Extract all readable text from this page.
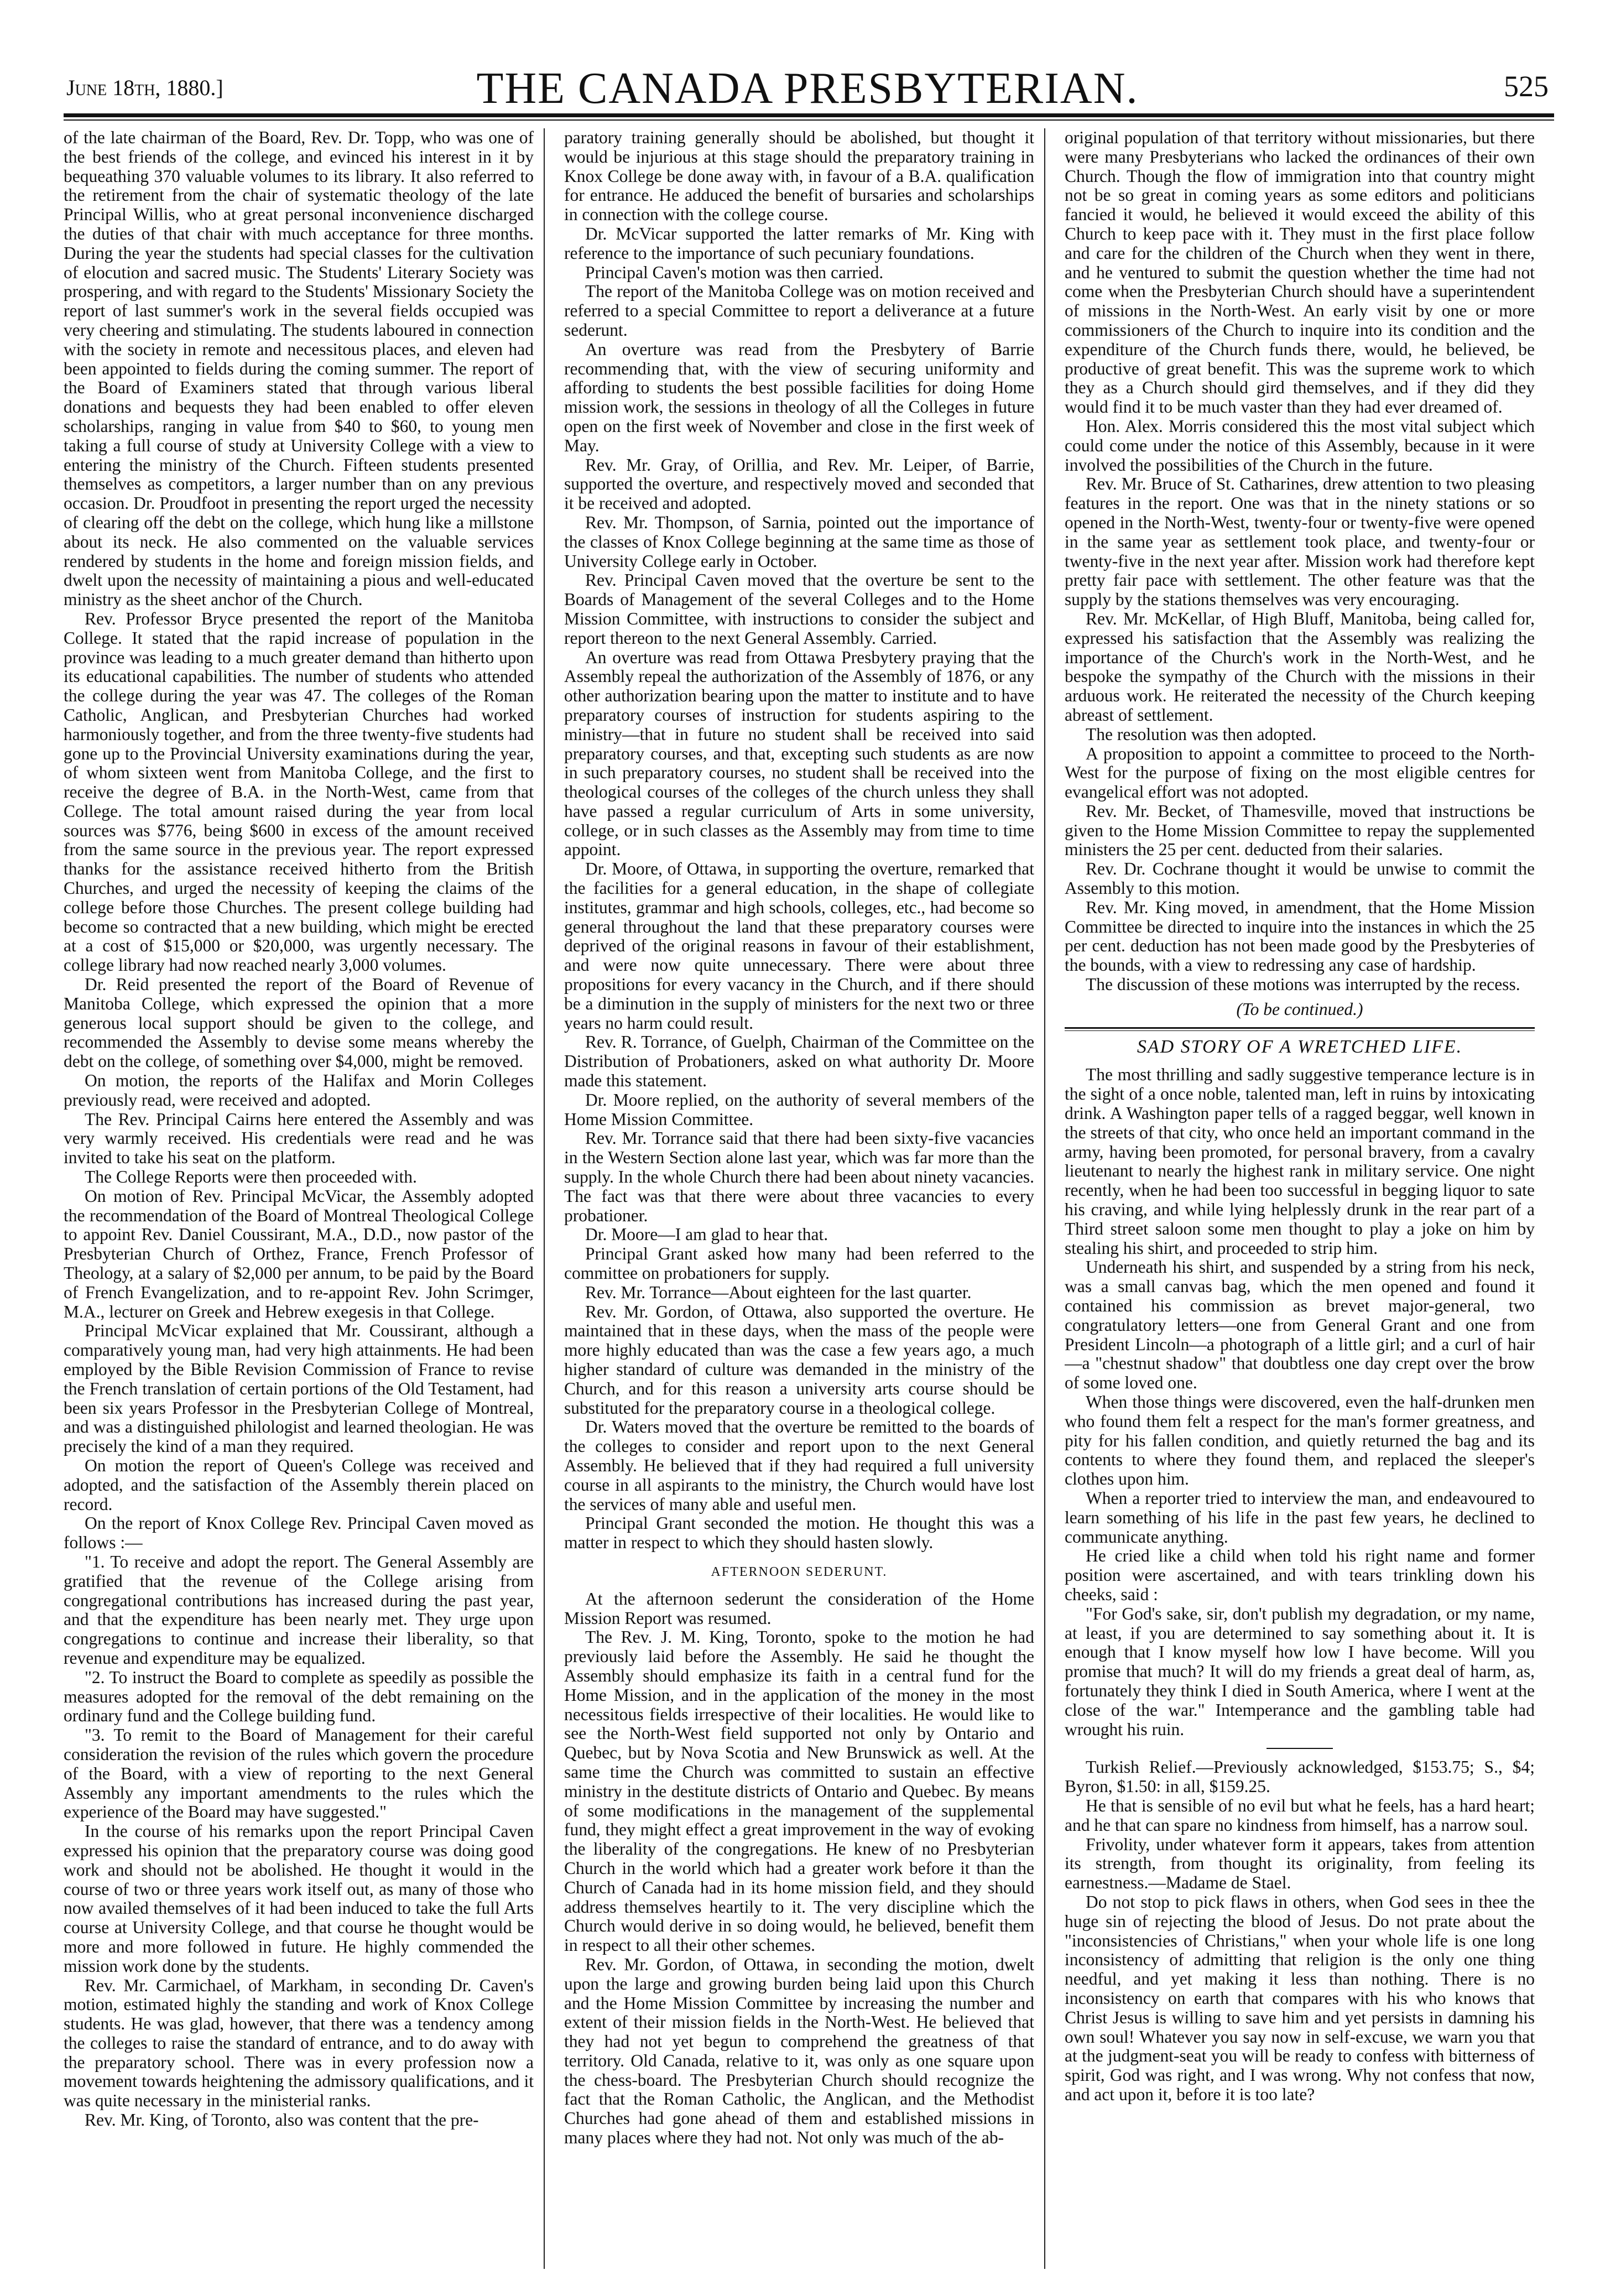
June 18th, 1880.]	THE CANADA PRESBYTERIAN.	525

of the late chairman of the Board, Rev. Dr. Topp, who was one of the best friends of the college, and evinced his interest in it by bequeathing 370 valuable volumes to its library. It also referred to the retirement from the chair of systematic theology of the late Principal Willis, who at great personal inconvenience discharged the duties of that chair with much acceptance for three months. During the year the students had special classes for the cultivation of elocution and sacred music. The Students' Literary Society was prospering, and with regard to the Students' Missionary Society the report of last summer's work in the several fields occupied was very cheering and stimulating. The students laboured in connection with the society in remote and necessitous places, and eleven had been appointed to fields during the coming summer. The report of the Board of Examiners stated that through various liberal donations and bequests they had been enabled to offer eleven scholarships, ranging in value from $40 to $60, to young men taking a full course of study at University College with a view to entering the ministry of the Church. Fifteen students presented themselves as competitors, a larger number than on any previous occasion. Dr. Proudfoot in presenting the report urged the necessity of clearing off the debt on the college, which hung like a millstone about its neck. He also commented on the valuable services rendered by students in the home and foreign mission fields, and dwelt upon the necessity of maintaining a pious and well-educated ministry as the sheet anchor of the Church.

Rev. Professor Bryce presented the report of the Manitoba College. It stated that the rapid increase of population in the province was leading to a much greater demand than hitherto upon its educational capabilities. The number of students who attended the college during the year was 47. The colleges of the Roman Catholic, Anglican, and Presbyterian Churches had worked harmoniously together, and from the three twenty-five students had gone up to the Provincial University examinations during the year, of whom sixteen went from Manitoba College, and the first to receive the degree of B.A. in the North-West, came from that College. The total amount raised during the year from local sources was $776, being $600 in excess of the amount received from the same source in the previous year. The report expressed thanks for the assistance received hitherto from the British Churches, and urged the necessity of keeping the claims of the college before those Churches. The present college building had become so contracted that a new building, which might be erected at a cost of $15,000 or $20,000, was urgently necessary. The college library had now reached nearly 3,000 volumes.

Dr. Reid presented the report of the Board of Revenue of Manitoba College, which expressed the opinion that a more generous local support should be given to the college, and recommended the Assembly to devise some means whereby the debt on the college, of something over $4,000, might be removed.

On motion, the reports of the Halifax and Morin Colleges previously read, were received and adopted.

The Rev. Principal Cairns here entered the Assembly and was very warmly received. His credentials were read and he was invited to take his seat on the platform.

The College Reports were then proceeded with.

On motion of Rev. Principal McVicar, the Assembly adopted the recommendation of the Board of Montreal Theological College to appoint Rev. Daniel Coussirant, M.A., D.D., now pastor of the Presbyterian Church of Orthez, France, French Professor of Theology, at a salary of $2,000 per annum, to be paid by the Board of French Evangelization, and to re-appoint Rev. John Scrimger, M.A., lecturer on Greek and Hebrew exegesis in that College.

Principal McVicar explained that Mr. Coussirant, although a comparatively young man, had very high attainments. He had been employed by the Bible Revision Commission of France to revise the French translation of certain portions of the Old Testament, had been six years Professor in the Presbyterian College of Montreal, and was a distinguished philologist and learned theologian. He was precisely the kind of a man they required.

On motion the report of Queen's College was received and adopted, and the satisfaction of the Assembly therein placed on record.

On the report of Knox College Rev. Principal Caven moved as follows :—

"1. To receive and adopt the report. The General Assembly are gratified that the revenue of the College arising from congregational contributions has increased during the past year, and that the expenditure has been nearly met. They urge upon congregations to continue and increase their liberality, so that revenue and expenditure may be equalized.

"2. To instruct the Board to complete as speedily as possible the measures adopted for the removal of the debt remaining on the ordinary fund and the College building fund.

"3. To remit to the Board of Management for their careful consideration the revision of the rules which govern the procedure of the Board, with a view of reporting to the next General Assembly any important amendments to the rules which the experience of the Board may have suggested."

In the course of his remarks upon the report Principal Caven expressed his opinion that the preparatory course was doing good work and should not be abolished. He thought it would in the course of two or three years work itself out, as many of those who now availed themselves of it had been induced to take the full Arts course at University College, and that course he thought would be more and more followed in future. He highly commended the mission work done by the students.

Rev. Mr. Carmichael, of Markham, in seconding Dr. Caven's motion, estimated highly the standing and work of Knox College students. He was glad, however, that there was a tendency among the colleges to raise the standard of entrance, and to do away with the preparatory school. There was in every profession now a movement towards heightening the admissory qualifications, and it was quite necessary in the ministerial ranks.

Rev. Mr. King, of Toronto, also was content that the pre-

paratory training generally should be abolished, but thought it would be injurious at this stage should the preparatory training in Knox College be done away with, in favour of a B.A. qualification for entrance. He adduced the benefit of bursaries and scholarships in connection with the college course.

Dr. McVicar supported the latter remarks of Mr. King with reference to the importance of such pecuniary foundations.

Principal Caven's motion was then carried.

The report of the Manitoba College was on motion received and referred to a special Committee to report a deliverance at a future sederunt.

An overture was read from the Presbytery of Barrie recommending that, with the view of securing uniformity and affording to students the best possible facilities for doing Home mission work, the sessions in theology of all the Colleges in future open on the first week of November and close in the first week of May.

Rev. Mr. Gray, of Orillia, and Rev. Mr. Leiper, of Barrie, supported the overture, and respectively moved and seconded that it be received and adopted.

Rev. Mr. Thompson, of Sarnia, pointed out the importance of the classes of Knox College beginning at the same time as those of University College early in October.

Rev. Principal Caven moved that the overture be sent to the Boards of Management of the several Colleges and to the Home Mission Committee, with instructions to consider the subject and report thereon to the next General Assembly. Carried.

An overture was read from Ottawa Presbytery praying that the Assembly repeal the authorization of the Assembly of 1876, or any other authorization bearing upon the matter to institute and to have preparatory courses of instruction for students aspiring to the ministry—that in future no student shall be received into said preparatory courses, and that, excepting such students as are now in such preparatory courses, no student shall be received into the theological courses of the colleges of the church unless they shall have passed a regular curriculum of Arts in some university, college, or in such classes as the Assembly may from time to time appoint.

Dr. Moore, of Ottawa, in supporting the overture, remarked that the facilities for a general education, in the shape of collegiate institutes, grammar and high schools, colleges, etc., had become so general throughout the land that these preparatory courses were deprived of the original reasons in favour of their establishment, and were now quite unnecessary. There were about three propositions for every vacancy in the Church, and if there should be a diminution in the supply of ministers for the next two or three years no harm could result.

Rev. R. Torrance, of Guelph, Chairman of the Committee on the Distribution of Probationers, asked on what authority Dr. Moore made this statement.

Dr. Moore replied, on the authority of several members of the Home Mission Committee.

Rev. Mr. Torrance said that there had been sixty-five vacancies in the Western Section alone last year, which was far more than the supply. In the whole Church there had been about ninety vacancies. The fact was that there were about three vacancies to every probationer.

Dr. Moore—I am glad to hear that.

Principal Grant asked how many had been referred to the committee on probationers for supply.

Rev. Mr. Torrance—About eighteen for the last quarter.

Rev. Mr. Gordon, of Ottawa, also supported the overture. He maintained that in these days, when the mass of the people were more highly educated than was the case a few years ago, a much higher standard of culture was demanded in the ministry of the Church, and for this reason a university arts course should be substituted for the preparatory course in a theological college.

Dr. Waters moved that the overture be remitted to the boards of the colleges to consider and report upon to the next General Assembly. He believed that if they had required a full university course in all aspirants to the ministry, the Church would have lost the services of many able and useful men.

Principal Grant seconded the motion. He thought this was a matter in respect to which they should hasten slowly.

AFTERNOON SEDERUNT.

At the afternoon sederunt the consideration of the Home Mission Report was resumed.

The Rev. J. M. King, Toronto, spoke to the motion he had previously laid before the Assembly. He said he thought the Assembly should emphasize its faith in a central fund for the Home Mission, and in the application of the money in the most necessitous fields irrespective of their localities. He would like to see the North-West field supported not only by Ontario and Quebec, but by Nova Scotia and New Brunswick as well. At the same time the Church was committed to sustain an effective ministry in the destitute districts of Ontario and Quebec. By means of some modifications in the management of the supplemental fund, they might effect a great improvement in the way of evoking the liberality of the congregations. He knew of no Presbyterian Church in the world which had a greater work before it than the Church of Canada had in its home mission field, and they should address themselves heartily to it. The very discipline which the Church would derive in so doing would, he believed, benefit them in respect to all their other schemes.

Rev. Mr. Gordon, of Ottawa, in seconding the motion, dwelt upon the large and growing burden being laid upon this Church and the Home Mission Committee by increasing the number and extent of their mission fields in the North-West. He believed that they had not yet begun to comprehend the greatness of that territory. Old Canada, relative to it, was only as one square upon the chess-board. The Presbyterian Church should recognize the fact that the Roman Catholic, the Anglican, and the Methodist Churches had gone ahead of them and established missions in many places where they had not. Not only was much of the ab-

original population of that territory without missionaries, but there were many Presbyterians who lacked the ordinances of their own Church. Though the flow of immigration into that country might not be so great in coming years as some editors and politicians fancied it would, he believed it would exceed the ability of this Church to keep pace with it. They must in the first place follow and care for the children of the Church when they went in there, and he ventured to submit the question whether the time had not come when the Presbyterian Church should have a superintendent of missions in the North-West. An early visit by one or more commissioners of the Church to inquire into its condition and the expenditure of the Church funds there, would, he believed, be productive of great benefit. This was the supreme work to which they as a Church should gird themselves, and if they did they would find it to be much vaster than they had ever dreamed of.

Hon. Alex. Morris considered this the most vital subject which could come under the notice of this Assembly, because in it were involved the possibilities of the Church in the future.

Rev. Mr. Bruce of St. Catharines, drew attention to two pleasing features in the report. One was that in the ninety stations or so opened in the North-West, twenty-four or twenty-five were opened in the same year as settlement took place, and twenty-four or twenty-five in the next year after. Mission work had therefore kept pretty fair pace with settlement. The other feature was that the supply by the stations themselves was very encouraging.

Rev. Mr. McKellar, of High Bluff, Manitoba, being called for, expressed his satisfaction that the Assembly was realizing the importance of the Church's work in the North-West, and he bespoke the sympathy of the Church with the missions in their arduous work. He reiterated the necessity of the Church keeping abreast of settlement.

The resolution was then adopted.

A proposition to appoint a committee to proceed to the North-West for the purpose of fixing on the most eligible centres for evangelical effort was not adopted.

Rev. Mr. Becket, of Thamesville, moved that instructions be given to the Home Mission Committee to repay the supplemented ministers the 25 per cent. deducted from their salaries.

Rev. Dr. Cochrane thought it would be unwise to commit the Assembly to this motion.

Rev. Mr. King moved, in amendment, that the Home Mission Committee be directed to inquire into the instances in which the 25 per cent. deduction has not been made good by the Presbyteries of the bounds, with a view to redressing any case of hardship.

The discussion of these motions was interrupted by the recess.

(To be continued.)

SAD STORY OF A WRETCHED LIFE.

The most thrilling and sadly suggestive temperance lecture is in the sight of a once noble, talented man, left in ruins by intoxicating drink. A Washington paper tells of a ragged beggar, well known in the streets of that city, who once held an important command in the army, having been promoted, for personal bravery, from a cavalry lieutenant to nearly the highest rank in military service. One night recently, when he had been too successful in begging liquor to sate his craving, and while lying helplessly drunk in the rear part of a Third street saloon some men thought to play a joke on him by stealing his shirt, and proceeded to strip him.

Underneath his shirt, and suspended by a string from his neck, was a small canvas bag, which the men opened and found it contained his commission as brevet major-general, two congratulatory letters—one from General Grant and one from President Lincoln—a photograph of a little girl; and a curl of hair—a "chestnut shadow" that doubtless one day crept over the brow of some loved one.

When those things were discovered, even the half-drunken men who found them felt a respect for the man's former greatness, and pity for his fallen condition, and quietly returned the bag and its contents to where they found them, and replaced the sleeper's clothes upon him.

When a reporter tried to interview the man, and endeavoured to learn something of his life in the past few years, he declined to communicate anything.

He cried like a child when told his right name and former position were ascertained, and with tears trinkling down his cheeks, said :

"For God's sake, sir, don't publish my degradation, or my name, at least, if you are determined to say something about it. It is enough that I know myself how low I have become. Will you promise that much? It will do my friends a great deal of harm, as, fortunately they think I died in South America, where I went at the close of the war." Intemperance and the gambling table had wrought his ruin.

Turkish Relief.—Previously acknowledged, $153.75; S., $4; Byron, $1.50: in all, $159.25.

He that is sensible of no evil but what he feels, has a hard heart; and he that can spare no kindness from himself, has a narrow soul.

Frivolity, under whatever form it appears, takes from attention its strength, from thought its originality, from feeling its earnestness.—Madame de Stael.

Do not stop to pick flaws in others, when God sees in thee the huge sin of rejecting the blood of Jesus. Do not prate about the "inconsistencies of Christians," when your whole life is one long inconsistency of admitting that religion is the only one thing needful, and yet making it less than nothing. There is no inconsistency on earth that compares with his who knows that Christ Jesus is willing to save him and yet persists in damning his own soul! Whatever you say now in self-excuse, we warn you that at the judgment-seat you will be ready to confess with bitterness of spirit, God was right, and I was wrong. Why not confess that now, and act upon it, before it is too late?
